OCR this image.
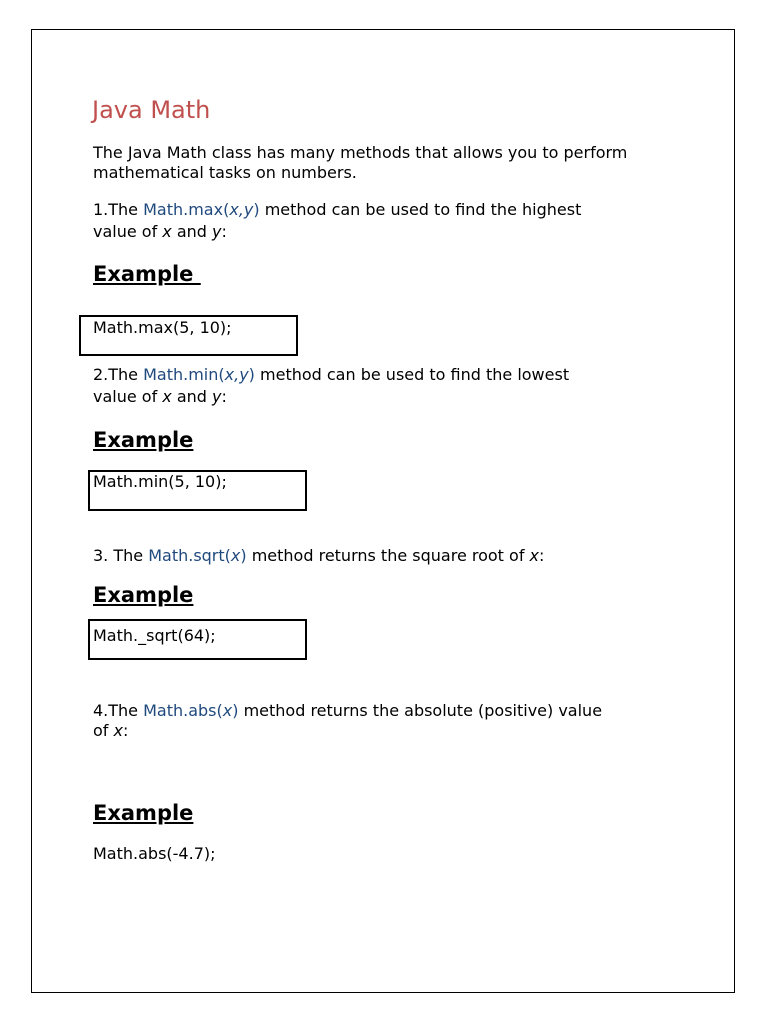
Java Math

The Java Math class has many methods that allows you to perform mathematical tasks on numbers.

1.The Math.max(x,y) method can be used to find the highest
value of x and y:

Example
Math.max(5, 10);

2.The Math.min(x,y) method can be used to find the lowest
value of x and y:

Example
Math.min(5, 10);

3. The Math.sqrt(x) method returns the square root of x:

Example
Math._sqrt(64);

4.The Math.abs(x) method returns the absolute (positive) value
of x:

Example
Math.abs(-4.7);
